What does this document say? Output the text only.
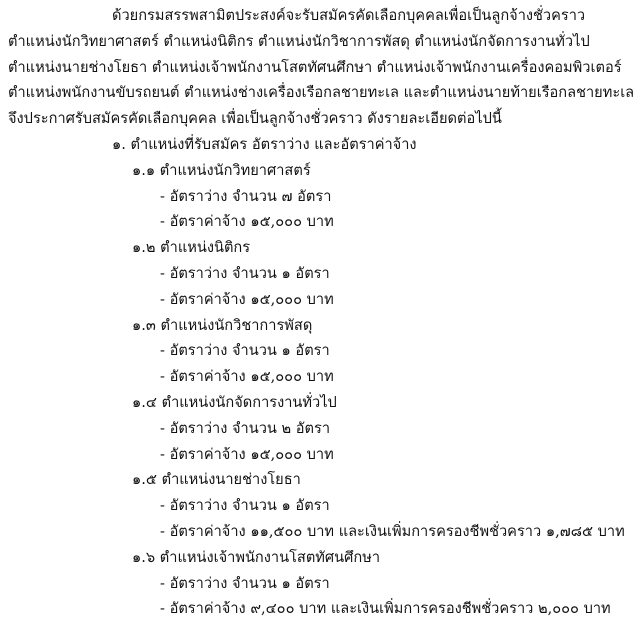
ด้วยกรมสรรพสามิตประสงค์จะรับสมัครคัดเลือกบุคคลเพื่อเป็นลูกจ้างชั่วคราว
ตำแหน่งนักวิทยาศาสตร์ ตำแหน่งนิติกร ตำแหน่งนักวิชาการพัสดุ ตำแหน่งนักจัดการงานทั่วไป
ตำแหน่งนายช่างโยธา ตำแหน่งเจ้าพนักงานโสตทัศนศึกษา ตำแหน่งเจ้าพนักงานเครื่องคอมพิวเตอร์
ตำแหน่งพนักงานขับรถยนต์ ตำแหน่งช่างเครื่องเรือกลชายทะเล และตำแหน่งนายท้ายเรือกลชายทะเล
จึงประกาศรับสมัครคัดเลือกบุคคล เพื่อเป็นลูกจ้างชั่วคราว ดังรายละเอียดต่อไปนี้
๑. ตำแหน่งที่รับสมัคร อัตราว่าง และอัตราค่าจ้าง
๑.๑ ตำแหน่งนักวิทยาศาสตร์
- อัตราว่าง จำนวน ๗ อัตรา
- อัตราค่าจ้าง ๑๕,๐๐๐ บาท
๑.๒ ตำแหน่งนิติกร
- อัตราว่าง จำนวน ๑ อัตรา
- อัตราค่าจ้าง ๑๕,๐๐๐ บาท
๑.๓ ตำแหน่งนักวิชาการพัสดุ
- อัตราว่าง จำนวน ๑ อัตรา
- อัตราค่าจ้าง ๑๕,๐๐๐ บาท
๑.๔ ตำแหน่งนักจัดการงานทั่วไป
- อัตราว่าง จำนวน ๒ อัตรา
- อัตราค่าจ้าง ๑๕,๐๐๐ บาท
๑.๕ ตำแหน่งนายช่างโยธา
- อัตราว่าง จำนวน ๑ อัตรา
- อัตราค่าจ้าง ๑๑,๕๐๐ บาท และเงินเพิ่มการครองชีพชั่วคราว ๑,๗๘๕ บาท
๑.๖ ตำแหน่งเจ้าพนักงานโสตทัศนศึกษา
- อัตราว่าง จำนวน ๑ อัตรา
- อัตราค่าจ้าง ๙,๔๐๐ บาท และเงินเพิ่มการครองชีพชั่วคราว ๒,๐๐๐ บาท
